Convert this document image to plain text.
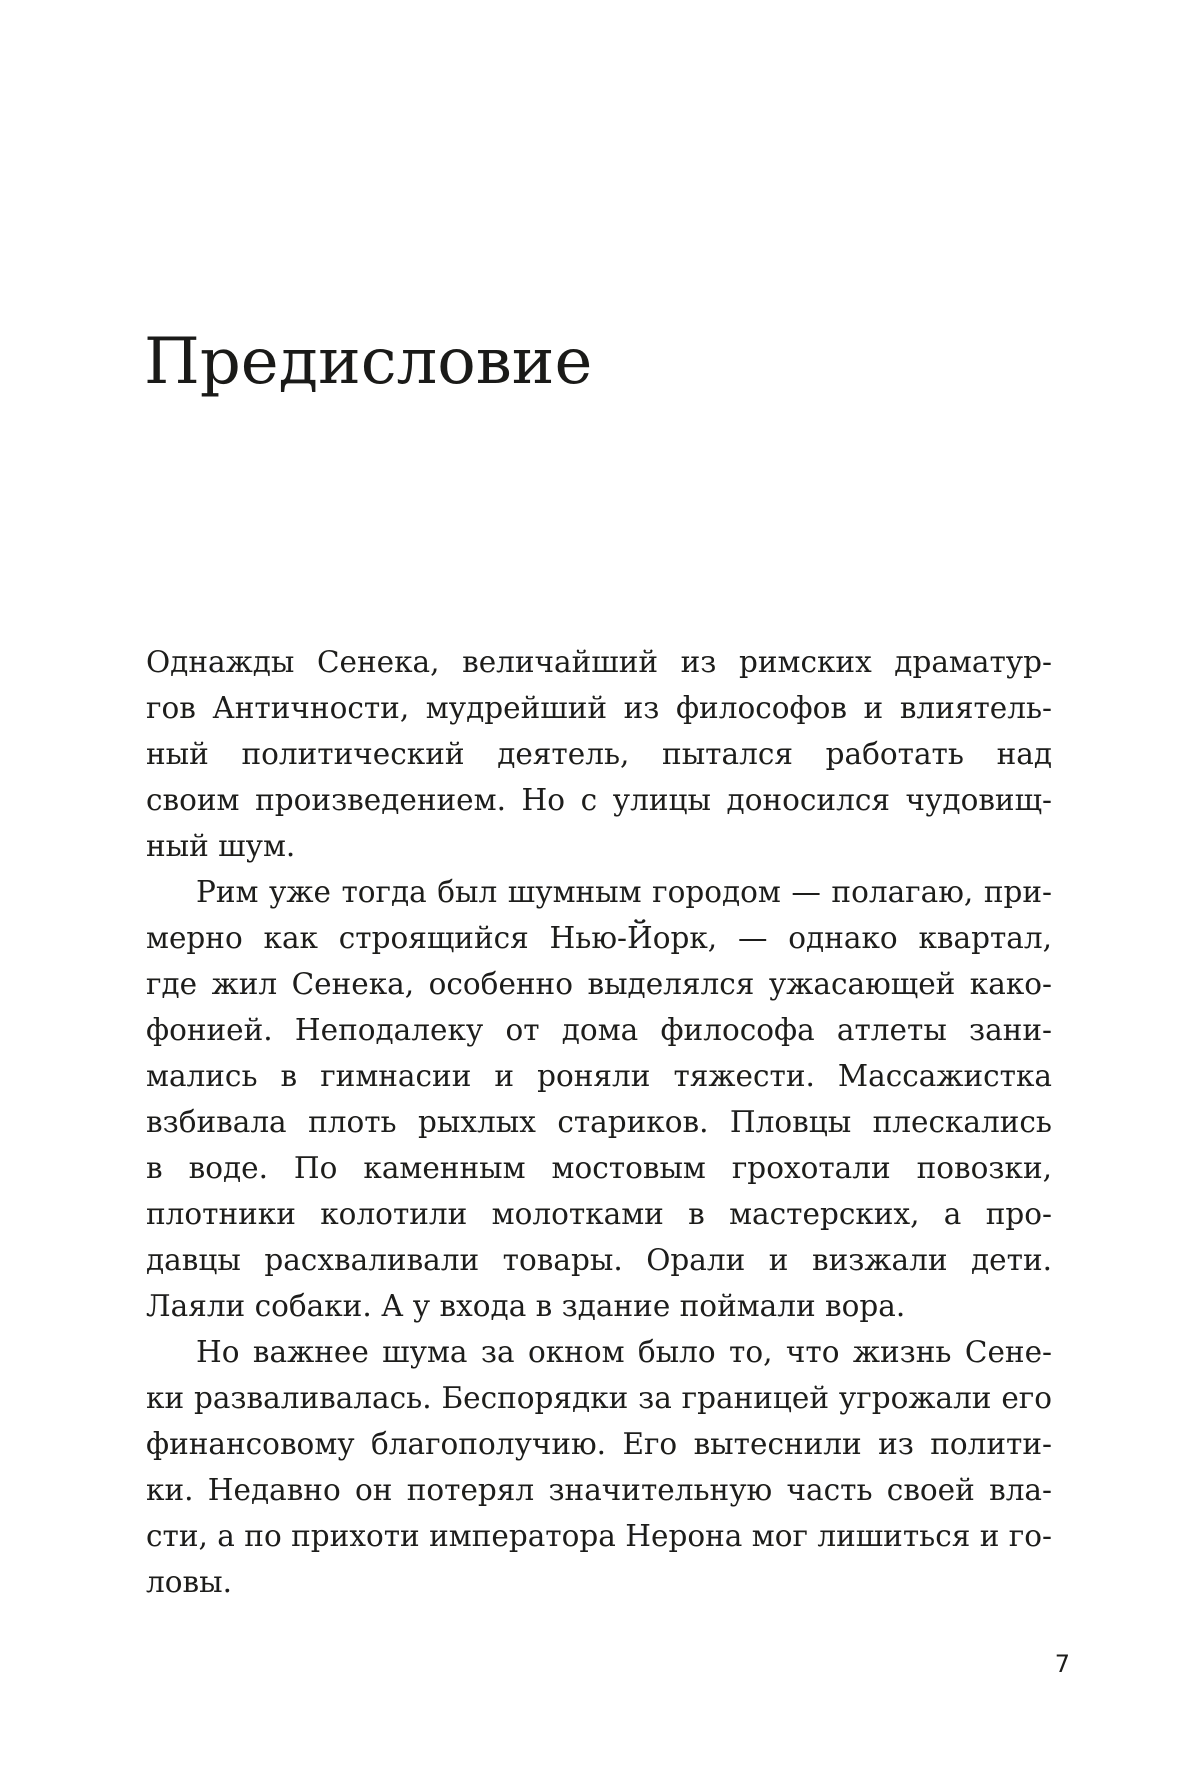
Предисловие
Однажды Сенека, величайший из римских драматур-
гов Античности, мудрейший из философов и влиятель-
ный политический деятель, пытался работать над
своим произведением. Но с улицы доносился чудовищ-
ный шум.
Рим уже тогда был шумным городом — полагаю, при-
мерно как строящийся Нью-Йорк, — однако квартал,
где жил Сенека, особенно выделялся ужасающей како-
фонией. Неподалеку от дома философа атлеты зани-
мались в гимнасии и роняли тяжести. Массажистка
взбивала плоть рыхлых стариков. Пловцы плескались
в воде. По каменным мостовым грохотали повозки,
плотники колотили молотками в мастерских, а про-
давцы расхваливали товары. Орали и визжали дети.
Лаяли собаки. А у входа в здание поймали вора.
Но важнее шума за окном было то, что жизнь Сене-
ки разваливалась. Беспорядки за границей угрожали его
финансовому благополучию. Его вытеснили из полити-
ки. Недавно он потерял значительную часть своей вла-
сти, а по прихоти императора Нерона мог лишиться и го-
ловы.
7
